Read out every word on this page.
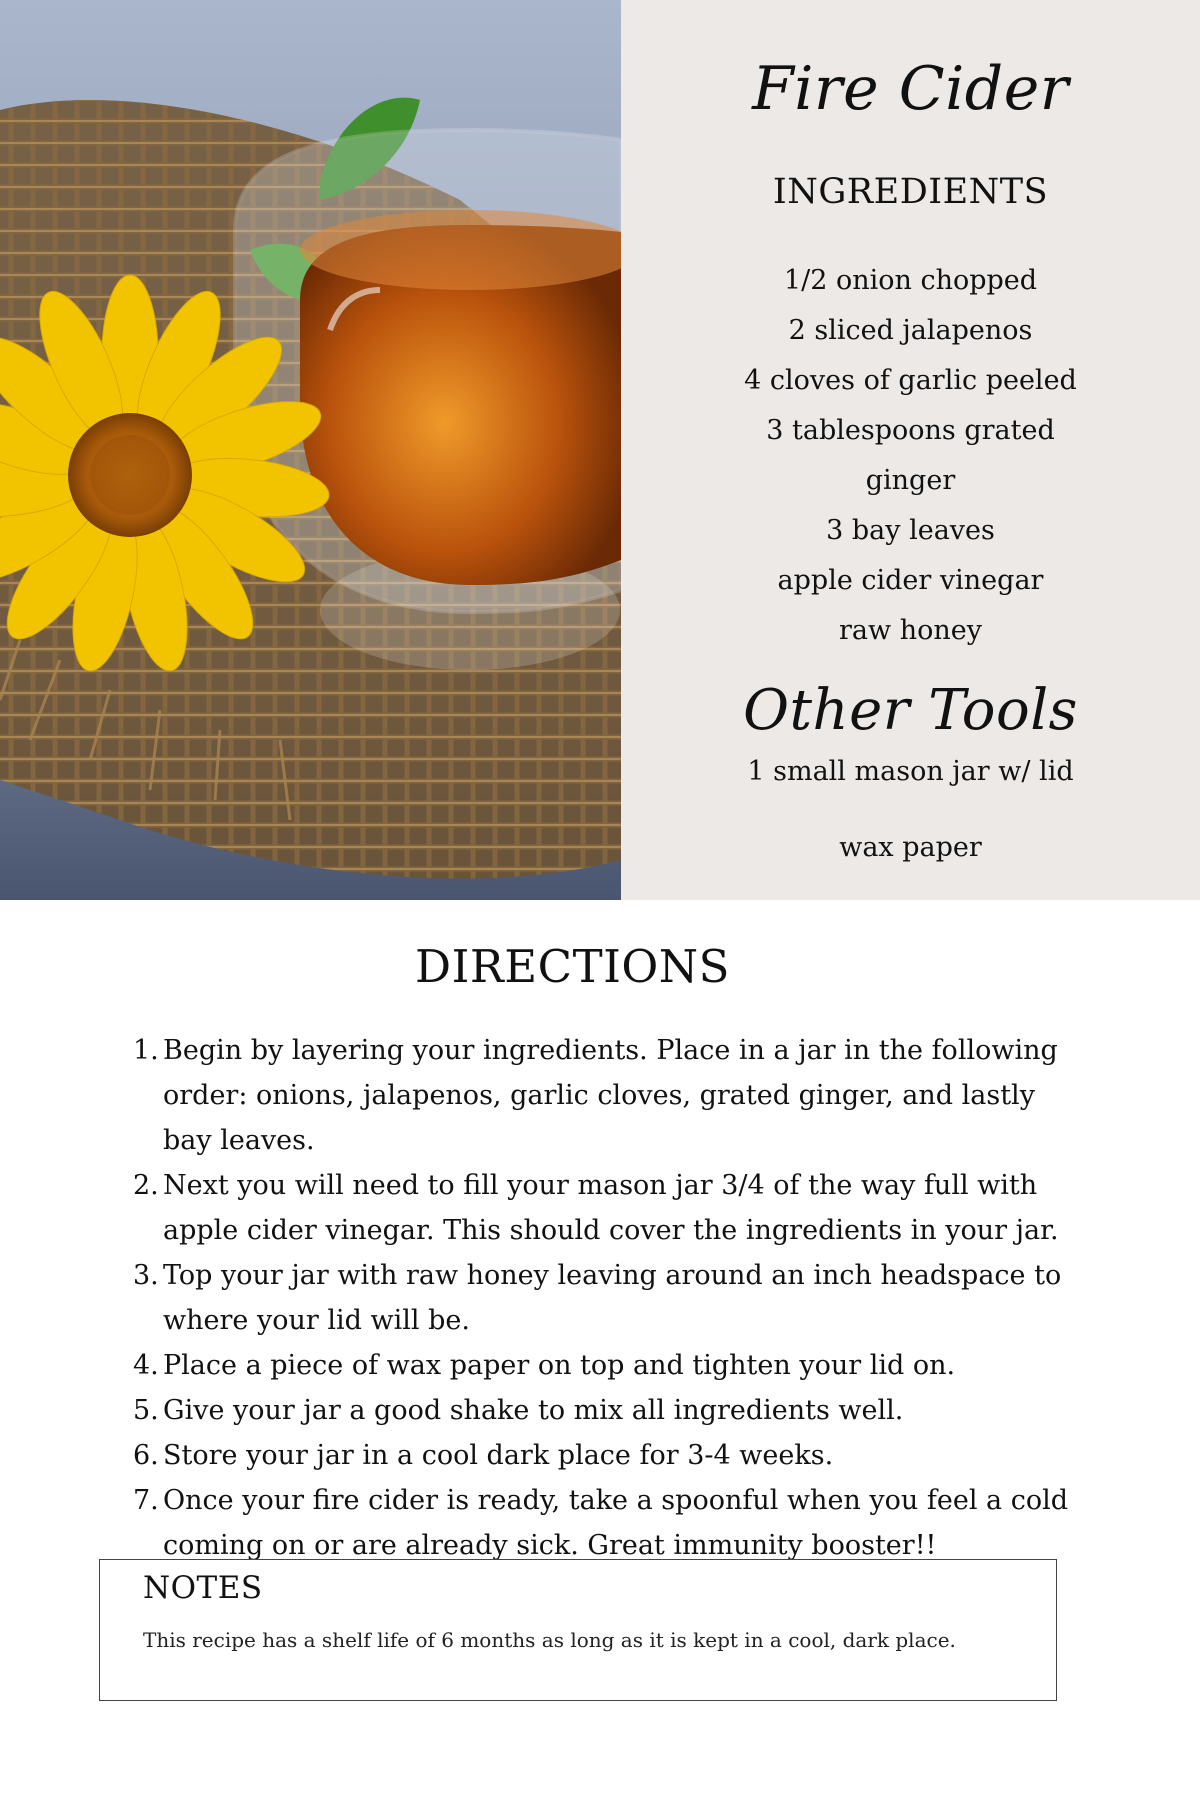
Fire Cider
INGREDIENTS
1/2 onion chopped
2 sliced jalapenos
4 cloves of garlic peeled
3 tablespoons grated
ginger
3 bay leaves
apple cider vinegar
raw honey
Other Tools
1 small mason jar w/ lid
wax paper
DIRECTIONS
1. Begin by layering your ingredients. Place in a jar in the following order: onions, jalapenos, garlic cloves, grated ginger, and lastly bay leaves.
2. Next you will need to fill your mason jar 3/4 of the way full with apple cider vinegar. This should cover the ingredients in your jar.
3. Top your jar with raw honey leaving around an inch headspace to where your lid will be.
4. Place a piece of wax paper on top and tighten your lid on.
5. Give your jar a good shake to mix all ingredients well.
6. Store your jar in a cool dark place for 3-4 weeks.
7. Once your fire cider is ready, take a spoonful when you feel a cold coming on or are already sick. Great immunity booster!!
NOTES
This recipe has a shelf life of 6 months as long as it is kept in a cool, dark place.
